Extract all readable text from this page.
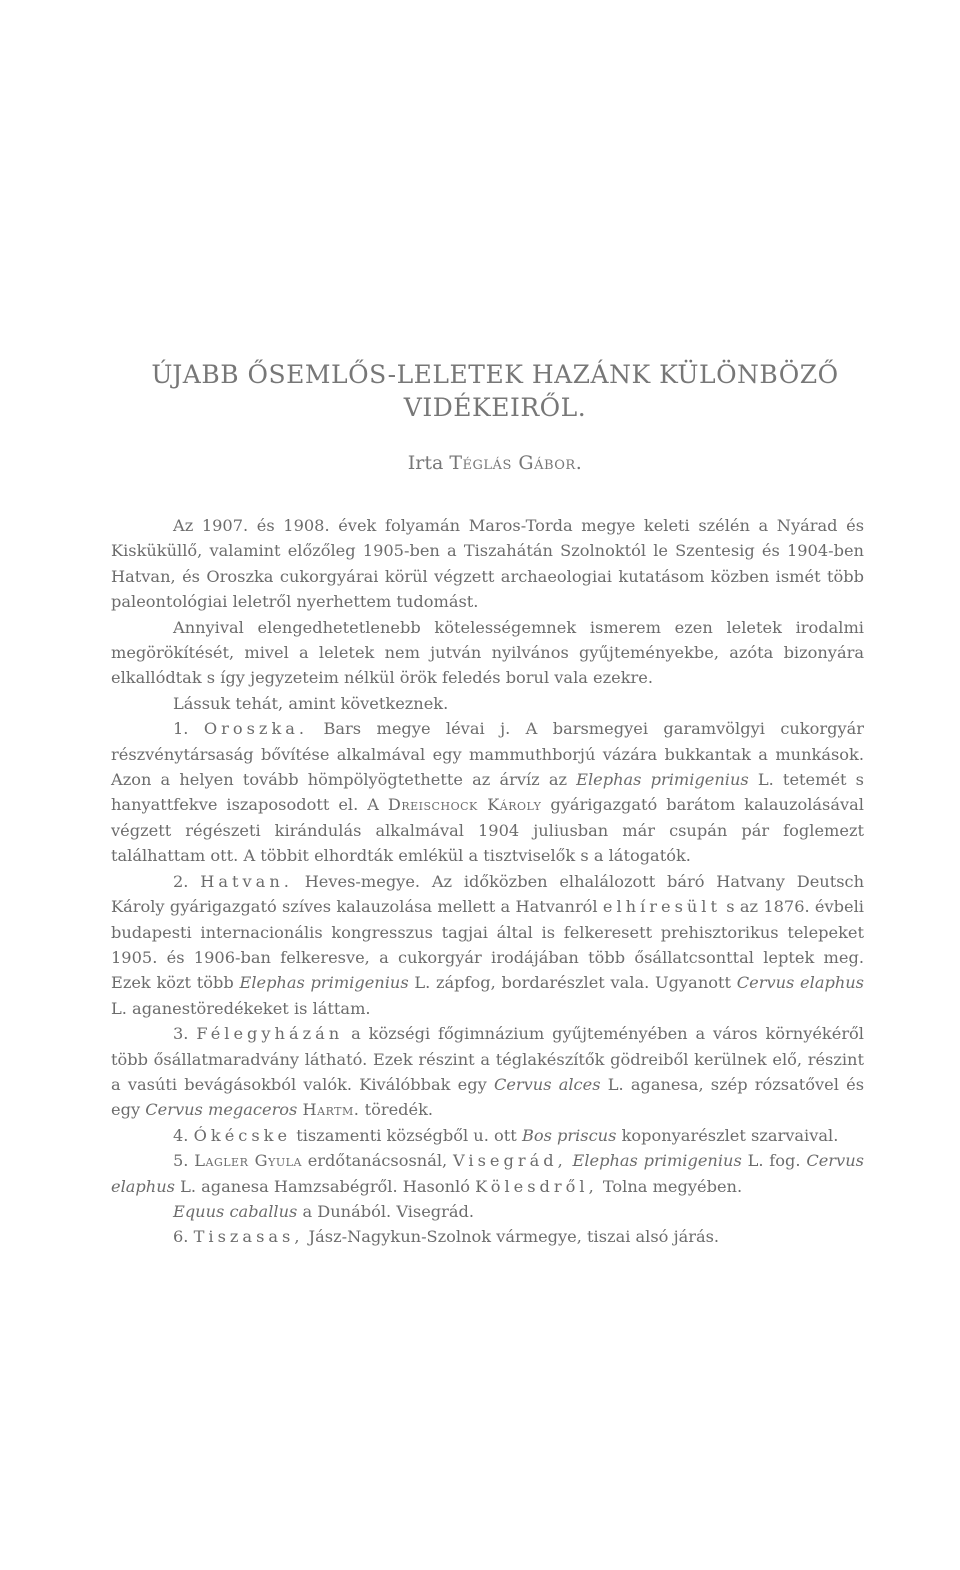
ÚJABB ŐSEMLŐS-LELETEK HAZÁNK KÜLÖNBÖZŐ
VIDÉKEIRŐL.
Irta Téglás Gábor.

Az 1907. és 1908. évek folyamán Maros-Torda megye keleti szélén a Nyárad és Kisküküllő, valamint előzőleg 1905-ben a Tiszahátán Szolnoktól le Szentesig és 1904-ben Hatvan, és Oroszka cukorgyárai körül végzett archaeologiai kutatásom közben ismét több paleontológiai leletről nyerhettem tudomást.

Annyival elengedhetetlenebb kötelességemnek ismerem ezen leletek irodalmi megörökítését, mivel a leletek nem jutván nyilvános gyűjteményekbe, azóta bizonyára elkallódtak s így jegyzeteim nélkül örök feledés borul vala ezekre.

Lássuk tehát, amint következnek.

1. Oroszka. Bars megye lévai j. A barsmegyei garamvölgyi cukorgyár részvénytársaság bővítése alkalmával egy mammuthborjú vázára bukkantak a munkások. Azon a helyen tovább hömpölyögtethette az árvíz az Elephas primigenius L. tetemét s hanyattfekve iszaposodott el. A Dreischock Károly gyárigazgató barátom kalauzolásával végzett régészeti kirándulás alkalmával 1904 juliusban már csupán pár foglemezt találhattam ott. A többit elhordták emlékül a tisztviselők s a látogatók.

2. Hatvan. Heves-megye. Az időközben elhalálozott báró Hatvany Deutsch Károly gyárigazgató szíves kalauzolása mellett a Hatvanról elhíresült s az 1876. évbeli budapesti internacionális kongresszus tagjai által is felkeresett prehisztorikus telepeket 1905. és 1906-ban felkeresve, a cukorgyár irodájában több ősállatcsonttal leptek meg. Ezek közt több Elephas primigenius L. zápfog, bordarészlet vala. Ugyanott Cervus elaphus L. aganestöredékeket is láttam.

3. Félegyházán a községi főgimnázium gyűjteményében a város környékéről több ősállatmaradvány látható. Ezek részint a téglakészítők gödreiből kerülnek elő, részint a vasúti bevágásokból valók. Kiválóbbak egy Cervus alces L. aganesa, szép rózsatővel és egy Cervus megaceros Hartm. töredék.

4. Ókécske tiszamenti községből u. ott Bos priscus koponyarészlet szarvaival.

5. Lagler Gyula erdőtanácsosnál, Visegrád, Elephas primigenius L. fog. Cervus elaphus L. aganesa Hamzsabégről. Hasonló Kölesdről, Tolna megyében.

Equus caballus a Dunából. Visegrád.

6. Tiszasas, Jász-Nagykun-Szolnok vármegye, tiszai alsó járás.
